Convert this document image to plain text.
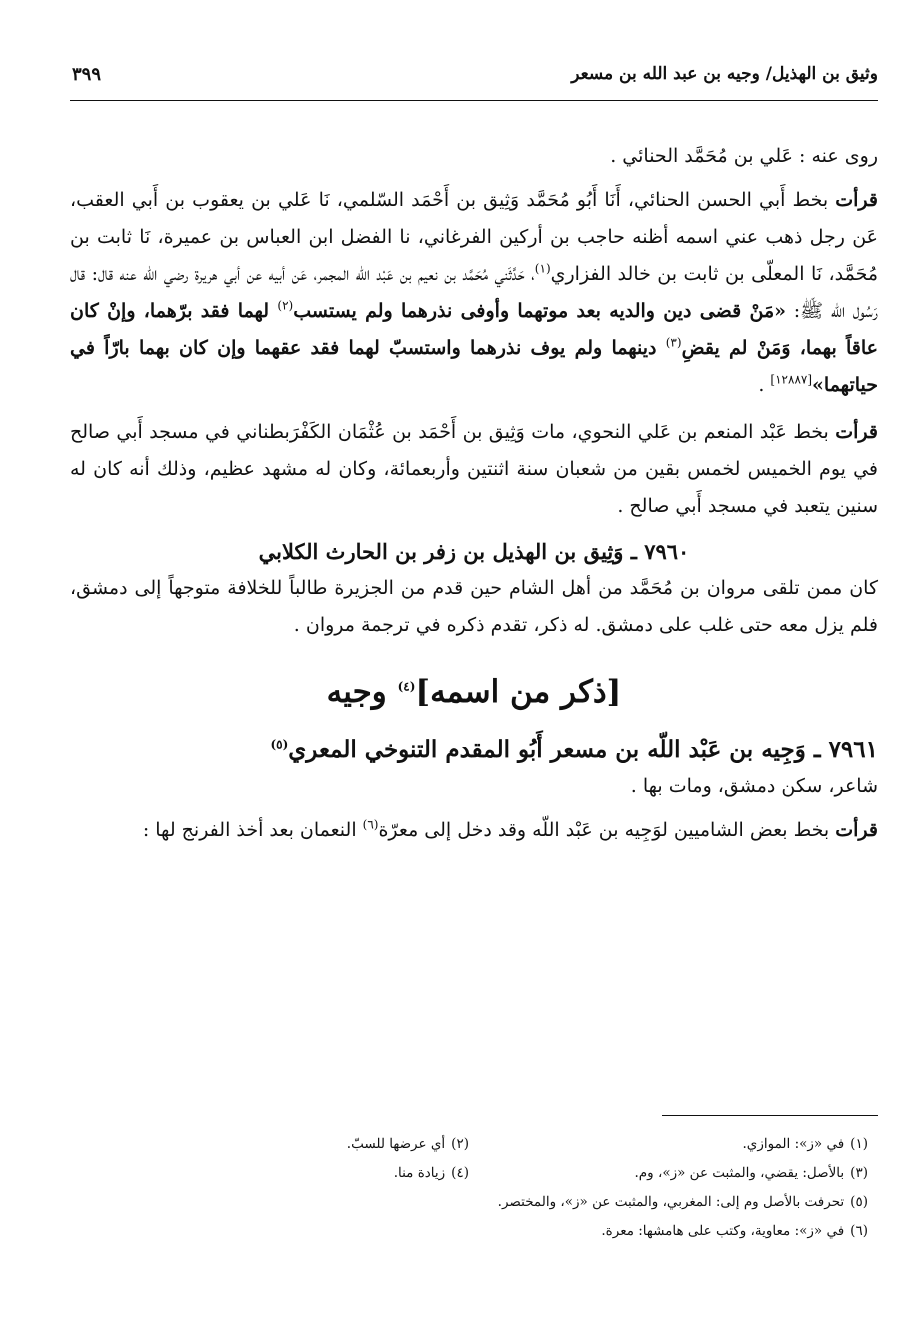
وثيق بن الهذيل/ وجيه بن عبد الله بن مسعر
٣٩٩

روى عنه : عَلي بن مُحَمَّد الحنائي .

قرأت بخط أَبي الحسن الحنائي، أَنَا أَبُو مُحَمَّد وَثِيق بن أَحْمَد السّلمي، نَا عَلي بن يعقوب بن أَبي العقب، عَن رجل ذهب عني اسمه أظنه حاجب بن أركين الفرغاني، نا الفضل ابن العباس بن عميرة، نَا ثابت بن مُحَمَّد، نَا المعلّى بن ثابت بن خالد الفزاري$^{(١)}$، حَدَّثَني مُحَمَّد بن نعيم بن عَبْد اللّه المجمر، عَن أبيه عن أبي هريرة رضي الله عنه قال: قال رَسُول الله ﷺ: «مَنْ قضى دين والديه بعد موتهما وأوفى نذرهما ولم يستسب$^{(٢)}$ لهما فقد برّهما، وإنْ كان عاقاً بهما، وَمَنْ لم يقضِ$^{(٣)}$ دينهما ولم يوف نذرهما واستسبّ لهما فقد عقهما وإن كان بهما بارّاً في حياتهما»[١٢٨٨٧] .

قرأت بخط عَبْد المنعم بن عَلي النحوي، مات وَثِيق بن أَحْمَد بن عُثْمَان الكَفْرَبطناني في مسجد أَبي صالح في يوم الخميس لخمس بقين من شعبان سنة اثنتين وأربعمائة، وكان له مشهد عظيم، وذلك أنه كان له سنين يتعبد في مسجد أَبي صالح .

٧٩٦٠ ـ وَثِيق بن الهذيل بن زفر بن الحارث الكلابي

كان ممن تلقى مروان بن مُحَمَّد من أهل الشام حين قدم من الجزيرة طالباً للخلافة متوجهاً إلى دمشق، فلم يزل معه حتى غلب على دمشق. له ذكر، تقدم ذكره في ترجمة مروان .

[ذكر من اسمه]$^{(٤)}$ وجيه

٧٩٦١ ـ وَجِيه بن عَبْد اللّه بن مسعر أَبُو المقدم التنوخي المعري$^{(٥)}$

شاعر، سكن دمشق، ومات بها .

قرأت بخط بعض الشاميين لوَجِيه بن عَبْد اللّه وقد دخل إلى معرّة$^{(٦)}$ النعمان بعد أخذ الفرنج لها :

(١)في «ز»: الموازي.
(٢)أي عرضها للسبّ.
(٣)بالأصل: يقضي، والمثبت عن «ز»، وم.
(٤)زيادة منا.
(٥)تحرفت بالأصل وم إلى: المغربي، والمثبت عن «ز»، والمختصر.
(٦)في «ز»: معاوية، وكتب على هامشها: معرة.
